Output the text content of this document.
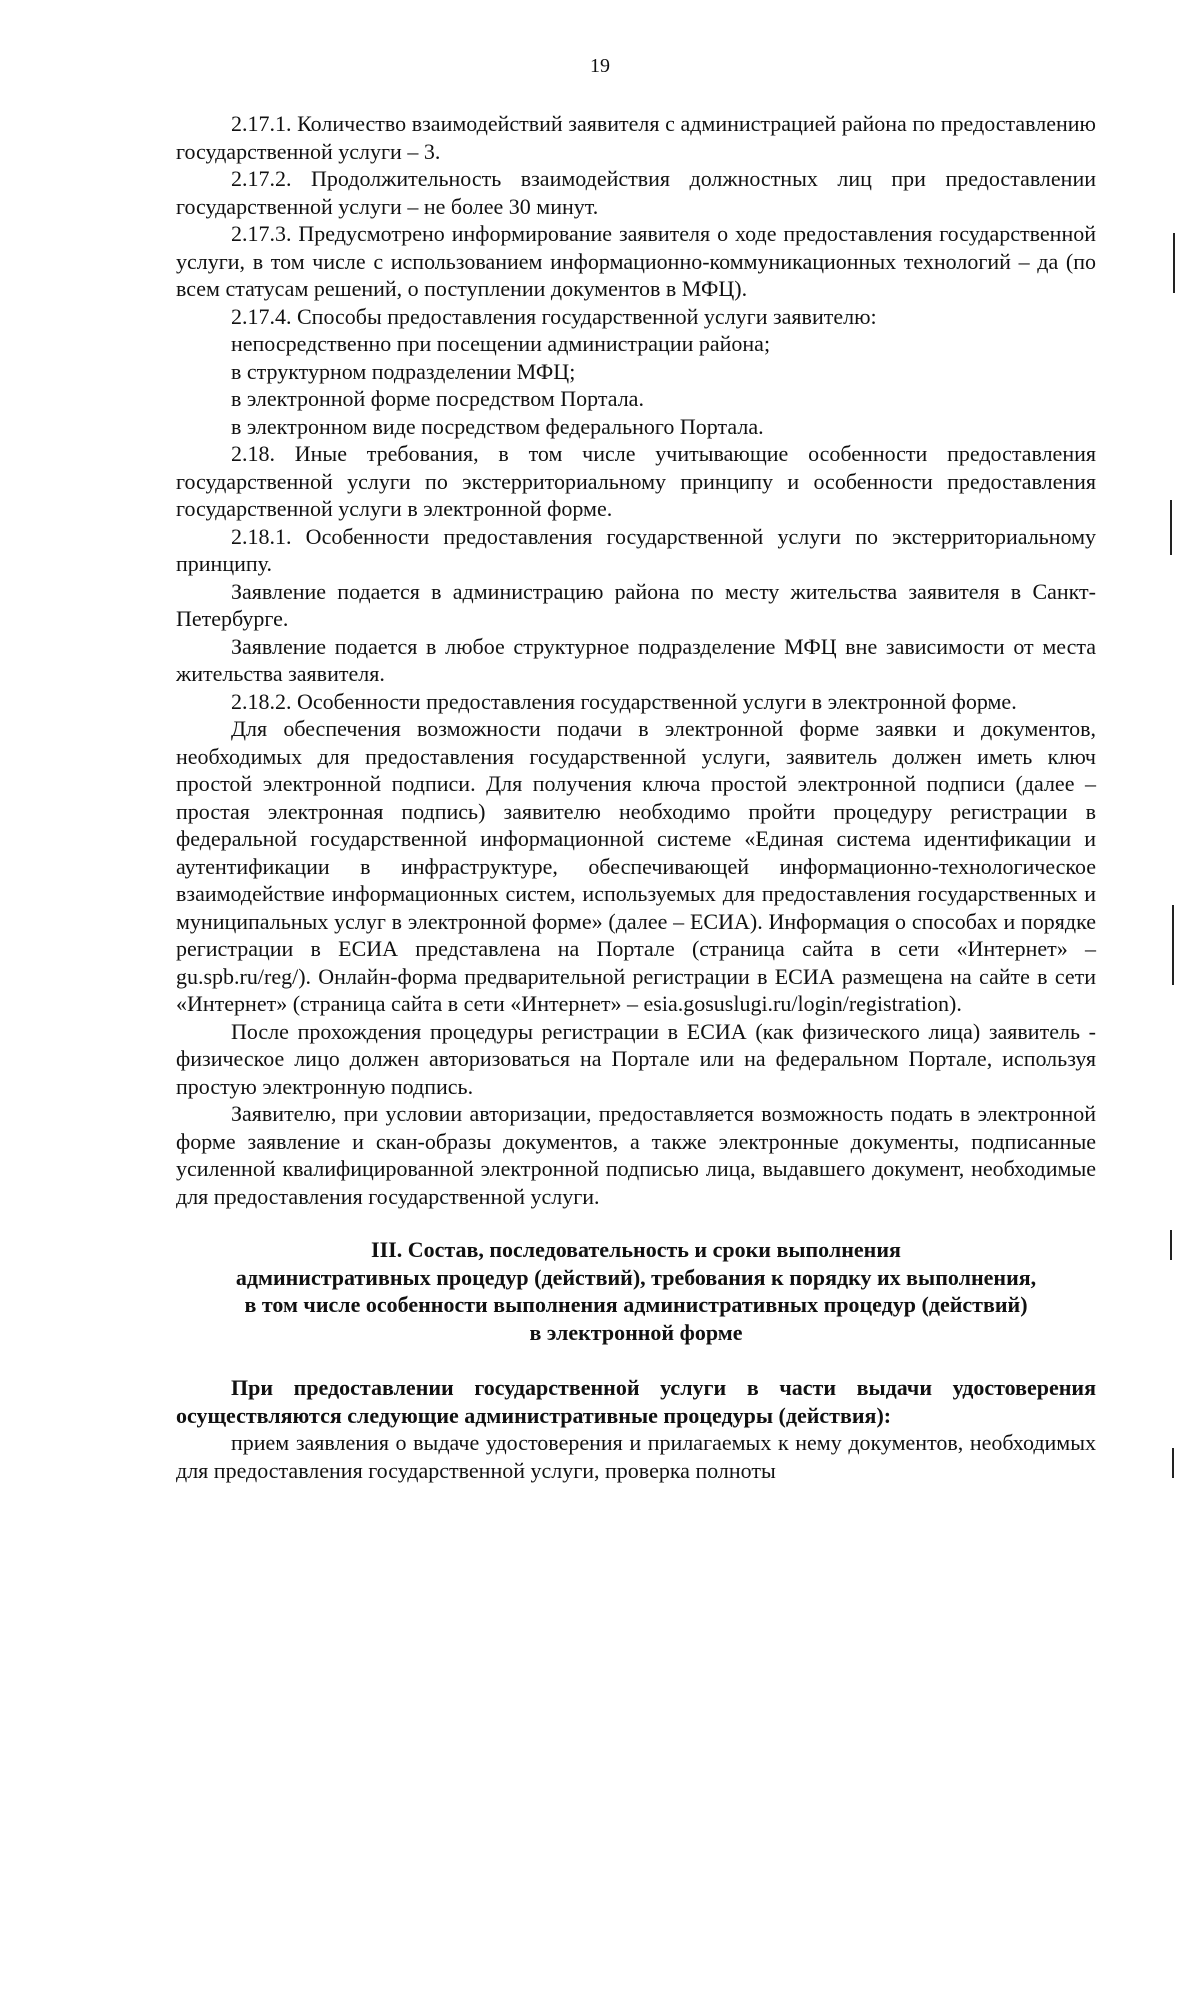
19

2.17.1. Количество взаимодействий заявителя с администрацией района по предоставлению государственной услуги – 3.

2.17.2. Продолжительность взаимодействия должностных лиц при предоставлении государственной услуги – не более 30 минут.

2.17.3. Предусмотрено информирование заявителя о ходе предоставления государственной услуги, в том числе с использованием информационно-коммуникационных технологий – да (по всем статусам решений, о поступлении документов в МФЦ).

2.17.4. Способы предоставления государственной услуги заявителю:

непосредственно при посещении администрации района;

в структурном подразделении МФЦ;

в электронной форме посредством Портала.

в электронном виде посредством федерального Портала.

2.18. Иные требования, в том числе учитывающие особенности предоставления государственной услуги по экстерриториальному принципу и особенности предоставления государственной услуги в электронной форме.

2.18.1. Особенности предоставления государственной услуги по экстерриториальному принципу.

Заявление подается в администрацию района по месту жительства заявителя в Санкт-Петербурге.

Заявление подается в любое структурное подразделение МФЦ вне зависимости от места жительства заявителя.

2.18.2. Особенности предоставления государственной услуги в электронной форме.

Для обеспечения возможности подачи в электронной форме заявки и документов, необходимых для предоставления государственной услуги, заявитель должен иметь ключ простой электронной подписи. Для получения ключа простой электронной подписи (далее – простая электронная подпись) заявителю необходимо пройти процедуру регистрации в федеральной государственной информационной системе «Единая система идентификации и аутентификации в инфраструктуре, обеспечивающей информационно-технологическое взаимодействие информационных систем, используемых для предоставления государственных и муниципальных услуг в электронной форме» (далее – ЕСИА). Информация о способах и порядке регистрации в ЕСИА представлена на Портале (страница сайта в сети «Интернет» – gu.spb.ru/reg/). Онлайн-форма предварительной регистрации в ЕСИА размещена на сайте в сети «Интернет» (страница сайта в сети «Интернет» – esia.gosuslugi.ru/login/registration).

После прохождения процедуры регистрации в ЕСИА (как физического лица) заявитель - физическое лицо должен авторизоваться на Портале или на федеральном Портале, используя простую электронную подпись.

Заявителю, при условии авторизации, предоставляется возможность подать в электронной форме заявление и скан-образы документов, а также электронные документы, подписанные усиленной квалифицированной электронной подписью лица, выдавшего документ, необходимые для предоставления государственной услуги.

III. Состав, последовательность и сроки выполнения

административных процедур (действий), требования к порядку их выполнения,

в том числе особенности выполнения административных процедур (действий)

в электронной форме

При предоставлении государственной услуги в части выдачи удостоверения осуществляются следующие административные процедуры (действия):

прием заявления о выдаче удостоверения и прилагаемых к нему документов, необходимых для предоставления государственной услуги, проверка полноты
